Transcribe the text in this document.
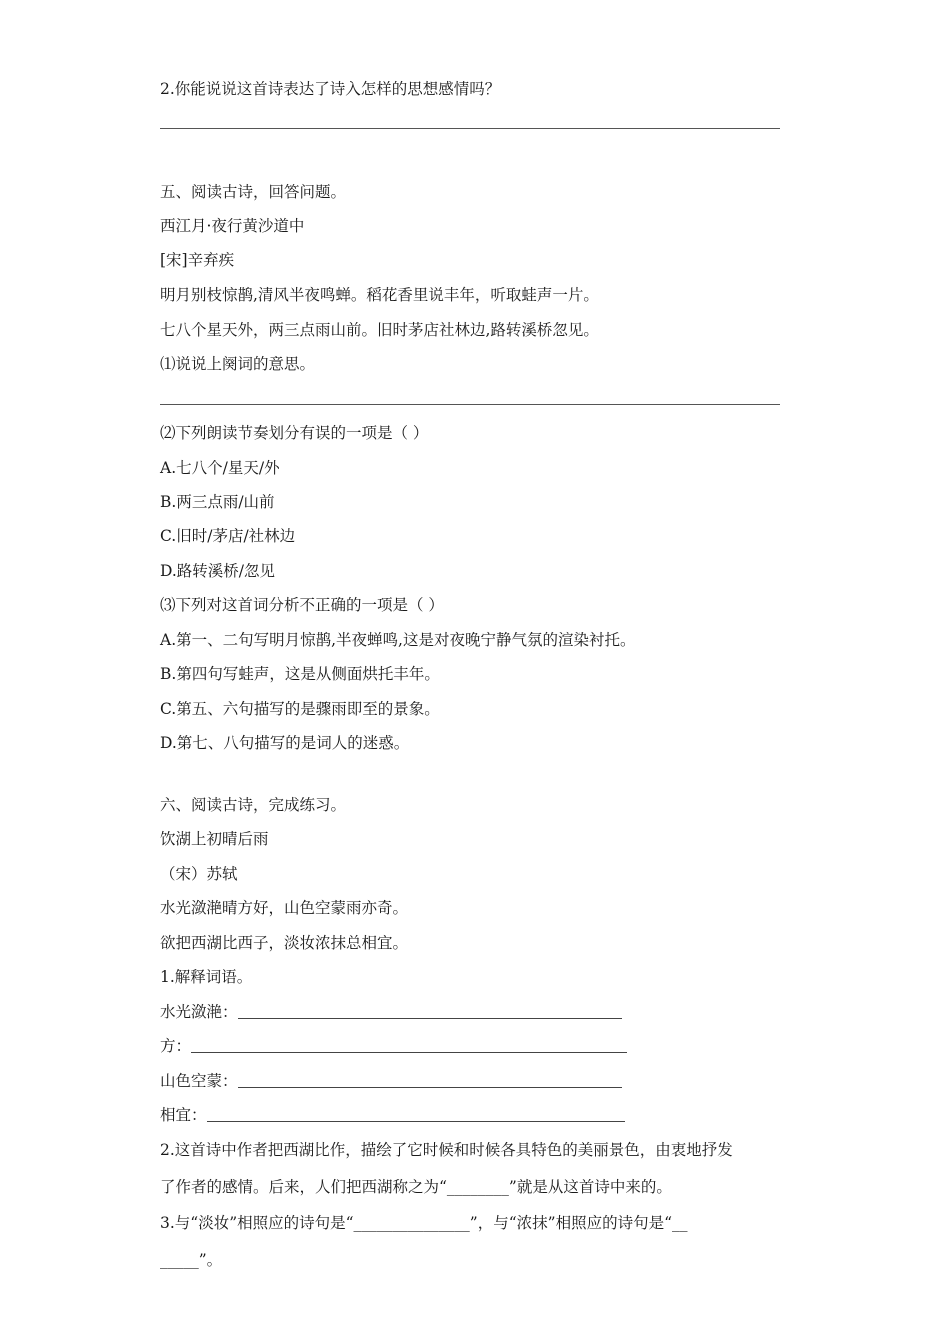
2.你能说说这首诗表达了诗入怎样的思想感情吗？
五、阅读古诗，回答问题。
西江月·夜行黄沙道中
[宋]辛弃疾
明月别枝惊鹊,清风半夜鸣蝉。稻花香里说丰年，听取蛙声一片。
七八个星天外，两三点雨山前。旧时茅店社林边,路转溪桥忽见。
⑴说说上阕词的意思。
⑵下列朗读节奏划分有误的一项是（ ）
A.七八个/星天/外
B.两三点雨/山前
C.旧时/茅店/社林边
D.路转溪桥/忽见
⑶下列对这首词分析不正确的一项是（ ）
A.第一、二句写明月惊鹊,半夜蝉鸣,这是对夜晚宁静气氛的渲染衬托。
B.第四句写蛙声，这是从侧面烘托丰年。
C.第五、六句描写的是骤雨即至的景象。
D.第七、八句描写的是词人的迷惑。
六、阅读古诗，完成练习。
饮湖上初晴后雨
（宋）苏轼
水光潋滟晴方好，山色空蒙雨亦奇。
欲把西湖比西子，淡妆浓抹总相宜。
1.解释词语。
水光潋滟：
方：
山色空蒙：
相宜：
2.这首诗中作者把西湖比作，描绘了它时候和时候各具特色的美丽景色，由衷地抒发
了作者的感情。后来，人们把西湖称之为“________”就是从这首诗中来的。
3.与“淡妆”相照应的诗句是“_______________”，与“浓抹”相照应的诗句是“__
_____”。
